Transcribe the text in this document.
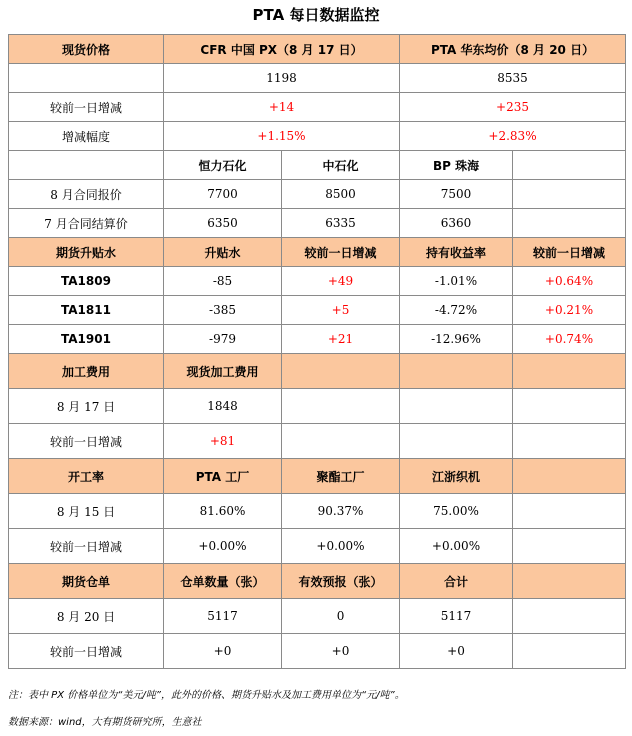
PTA 每日数据监控
现货价格	CFR 中国 PX（8 月 17 日）		PTA 华东均价（8 月 20 日）	
	1198		8535	
较前一日增减	+14		+235	
增减幅度	+1.15%		+2.83%	
	恒力石化	中石化	BP 珠海	
8 月合同报价	7700	8500	7500	
7 月合同结算价	6350	6335	6360	
期货升贴水	升贴水	较前一日增减	持有收益率	较前一日增减
TA1809	-85	+49	-1.01%	+0.64%
TA1811	-385	+5	-4.72%	+0.21%
TA1901	-979	+21	-12.96%	+0.74%
加工费用	现货加工费用			
8 月 17 日	1848			
较前一日增减	+81			
开工率	PTA 工厂	聚酯工厂	江浙织机	
8 月 15 日	81.60%	90.37%	75.00%	
较前一日增减	+0.00%	+0.00%	+0.00%	
期货仓单	仓单数量（张）	有效预报（张）	合计	
8 月 20 日	5117	0	5117	
较前一日增减	+0	+0	+0	
注：表中 PX 价格单位为“美元/吨”，此外的价格、期货升贴水及加工费用单位为“元/吨”。
数据来源：wind，大有期货研究所，生意社
